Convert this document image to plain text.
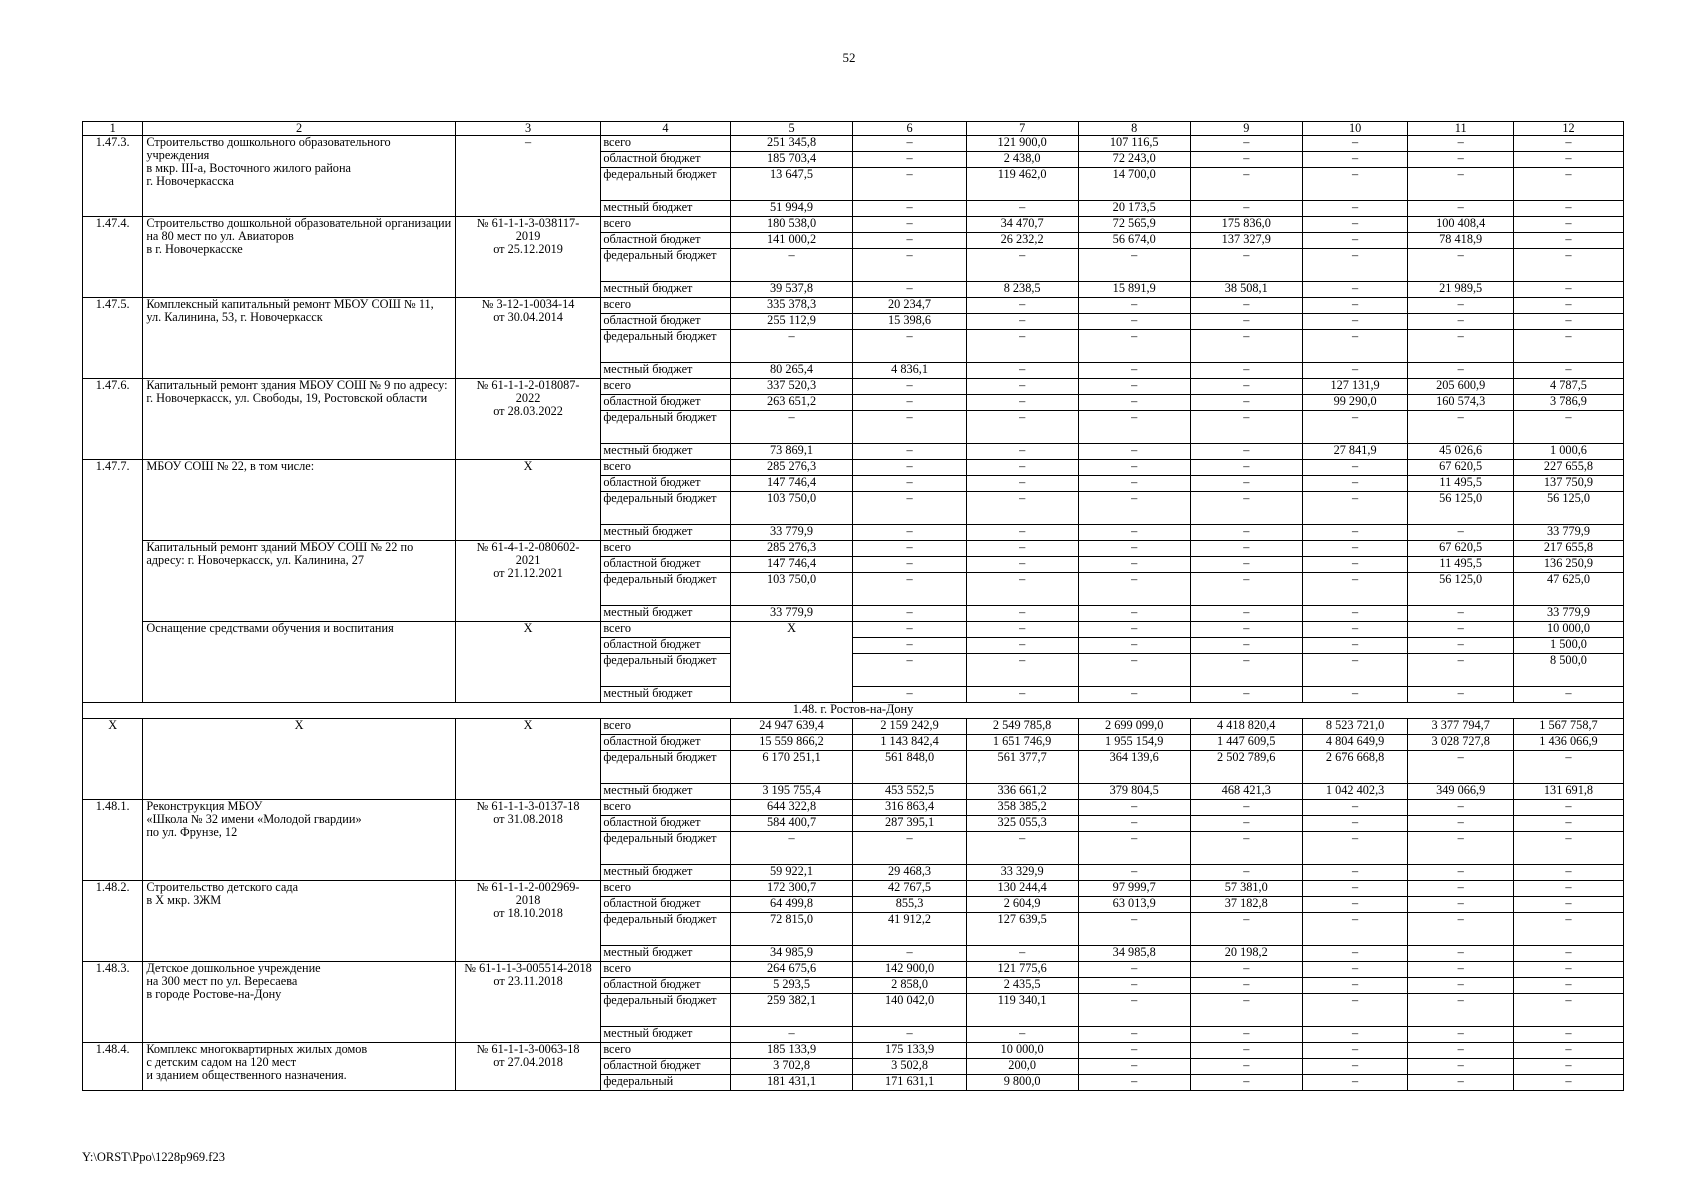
52
1	2	3	4	5	6	7	8	9	10	11	12
1.47.3.	Строительство дошкольного образовательного учреждения
в мкр. III-а, Восточного жилого района
г. Новочеркасска	–	всего	251 345,8	–	121 900,0	107 116,5	–	–	–	–
			областной бюджет	185 703,4	–	2 438,0	72 243,0	–	–	–	–
			федеральный бюджет	13 647,5	–	119 462,0	14 700,0	–	–	–	–
			местный бюджет	51 994,9	–	–	20 173,5	–	–	–	–
1.47.4.	Строительство дошкольной образовательной организации
на 80 мест по ул. Авиаторов
в г. Новочеркасске	№ 61-1-1-3-038117-
2019
от 25.12.2019	всего	180 538,0	–	34 470,7	72 565,9	175 836,0	–	100 408,4	–
			областной бюджет	141 000,2	–	26 232,2	56 674,0	137 327,9	–	78 418,9	–
			федеральный бюджет	–	–	–	–	–	–	–	–
			местный бюджет	39 537,8	–	8 238,5	15 891,9	38 508,1	–	21 989,5	–
1.47.5.	Комплексный капитальный ремонт МБОУ СОШ № 11,
ул. Калинина, 53, г. Новочеркасск	№ 3-12-1-0034-14
от 30.04.2014	всего	335 378,3	20 234,7	–	–	–	–	–	–
			областной бюджет	255 112,9	15 398,6	–	–	–	–	–	–
			федеральный бюджет	–	–	–	–	–	–	–	–
			местный бюджет	80 265,4	4 836,1	–	–	–	–	–	–
1.47.6.	Капитальный ремонт здания МБОУ СОШ № 9 по адресу: г. Новочеркасск, ул. Свободы, 19, Ростовской области	№ 61-1-1-2-018087-
2022
от 28.03.2022	всего	337 520,3	–	–	–	–	127 131,9	205 600,9	4 787,5
			областной бюджет	263 651,2	–	–	–	–	99 290,0	160 574,3	3 786,9
			федеральный бюджет	–	–	–	–	–	–	–	–
			местный бюджет	73 869,1	–	–	–	–	27 841,9	45 026,6	1 000,6
1.47.7.	МБОУ СОШ № 22, в том числе:	X	всего	285 276,3	–	–	–	–	–	67 620,5	227 655,8
			областной бюджет	147 746,4	–	–	–	–	–	11 495,5	137 750,9
			федеральный бюджет	103 750,0	–	–	–	–	–	56 125,0	56 125,0
			местный бюджет	33 779,9	–	–	–	–	–	–	33 779,9
	Капитальный ремонт зданий МБОУ СОШ № 22 по адресу: г. Новочеркасск, ул. Калинина, 27	№ 61-4-1-2-080602-
2021
от 21.12.2021	всего	285 276,3	–	–	–	–	–	67 620,5	217 655,8
			областной бюджет	147 746,4	–	–	–	–	–	11 495,5	136 250,9
			федеральный бюджет	103 750,0	–	–	–	–	–	56 125,0	47 625,0
			местный бюджет	33 779,9	–	–	–	–	–	–	33 779,9
	Оснащение средствами обучения и воспитания	X	всего	X	–	–	–	–	–	–	10 000,0
			областной бюджет		–	–	–	–	–	–	1 500,0
			федеральный бюджет		–	–	–	–	–	–	8 500,0
			местный бюджет		–	–	–	–	–	–	–
1.48. г. Ростов-на-Дону											
X	X	X	всего	24 947 639,4	2 159 242,9	2 549 785,8	2 699 099,0	4 418 820,4	8 523 721,0	3 377 794,7	1 567 758,7
			областной бюджет	15 559 866,2	1 143 842,4	1 651 746,9	1 955 154,9	1 447 609,5	4 804 649,9	3 028 727,8	1 436 066,9
			федеральный бюджет	6 170 251,1	561 848,0	561 377,7	364 139,6	2 502 789,6	2 676 668,8	–	–
			местный бюджет	3 195 755,4	453 552,5	336 661,2	379 804,5	468 421,3	1 042 402,3	349 066,9	131 691,8
1.48.1.	Реконструкция МБОУ
«Школа № 32 имени «Молодой гвардии»
по ул. Фрунзе, 12	№ 61-1-1-3-0137-18
от 31.08.2018	всего	644 322,8	316 863,4	358 385,2	–	–	–	–	–
			областной бюджет	584 400,7	287 395,1	325 055,3	–	–	–	–	–
			федеральный бюджет	–	–	–	–	–	–	–	–
			местный бюджет	59 922,1	29 468,3	33 329,9	–	–	–	–	–
1.48.2.	Строительство детского сада
в X мкр. ЗЖМ	№ 61-1-1-2-002969-
2018
от 18.10.2018	всего	172 300,7	42 767,5	130 244,4	97 999,7	57 381,0	–	–	–
			областной бюджет	64 499,8	855,3	2 604,9	63 013,9	37 182,8	–	–	–
			федеральный бюджет	72 815,0	41 912,2	127 639,5	–	–	–	–	–
			местный бюджет	34 985,9	–	–	34 985,8	20 198,2	–	–	–
1.48.3.	Детское дошкольное учреждение
на 300 мест по ул. Вересаева
в городе Ростове-на-Дону	№ 61-1-1-3-005514-2018
от 23.11.2018	всего	264 675,6	142 900,0	121 775,6	–	–	–	–	–
			областной бюджет	5 293,5	2 858,0	2 435,5	–	–	–	–	–
			федеральный бюджет	259 382,1	140 042,0	119 340,1	–	–	–	–	–
			местный бюджет	–	–	–	–	–	–	–	–
1.48.4.	Комплекс многоквартирных жилых домов
с детским садом на 120 мест
и зданием общественного назначения.	№ 61-1-1-3-0063-18
от 27.04.2018	всего	185 133,9	175 133,9	10 000,0	–	–	–	–	–
			областной бюджет	3 702,8	3 502,8	200,0	–	–	–	–	–
			федеральный	181 431,1	171 631,1	9 800,0	–	–	–	–	–
Y:\ORST\Ppo\1228p969.f23
